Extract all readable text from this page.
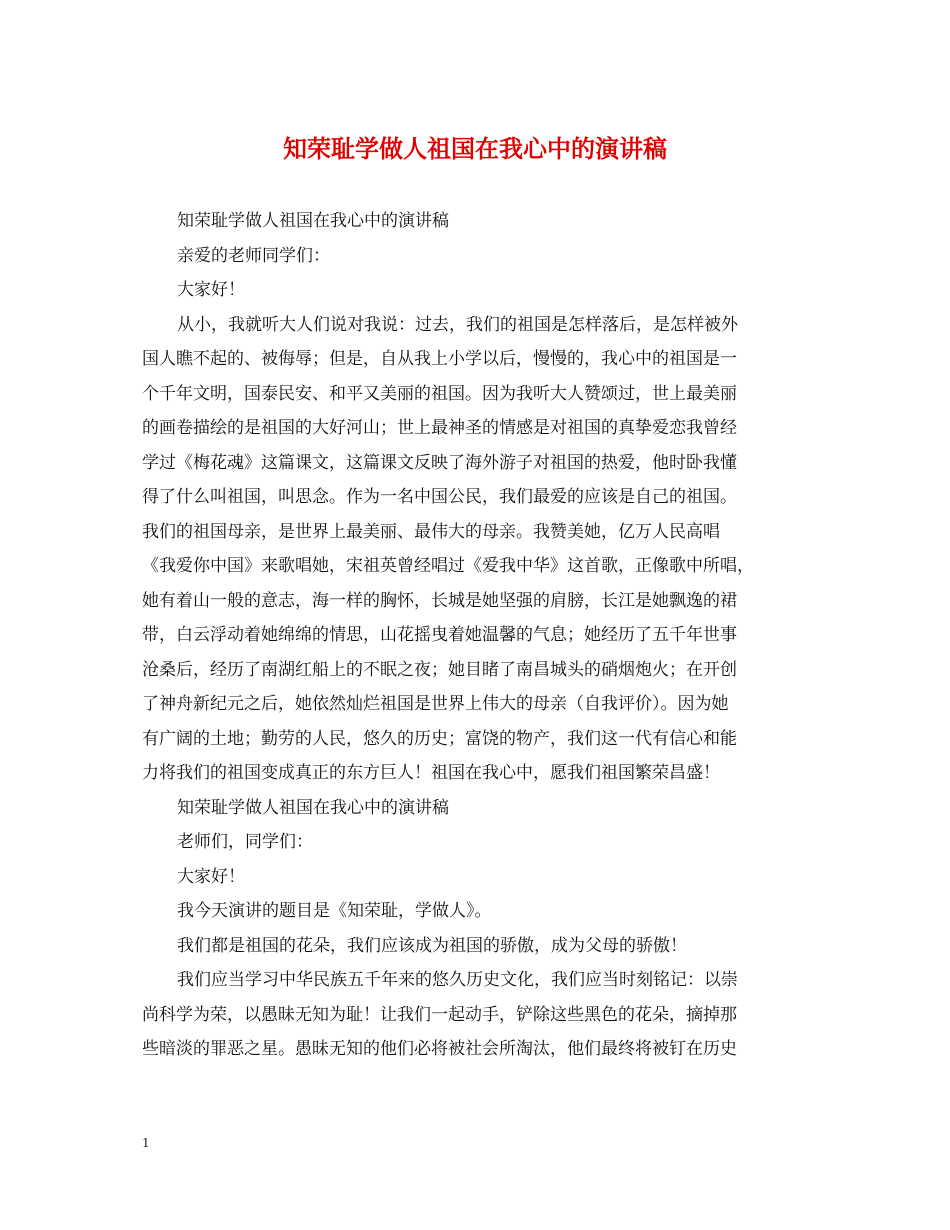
知荣耻学做人祖国在我心中的演讲稿
知荣耻学做人祖国在我心中的演讲稿
亲爱的老师同学们：
大家好！
从小，我就听大人们说对我说：过去，我们的祖国是怎样落后，是怎样被外
国人瞧不起的、被侮辱；但是，自从我上小学以后，慢慢的，我心中的祖国是一
个千年文明，国泰民安、和平又美丽的祖国。因为我听大人赞颂过，世上最美丽
的画卷描绘的是祖国的大好河山；世上最神圣的情感是对祖国的真挚爱恋我曾经
学过《梅花魂》这篇课文，这篇课文反映了海外游子对祖国的热爱，他时卧我懂
得了什么叫祖国，叫思念。作为一名中国公民，我们最爱的应该是自己的祖国。
我们的祖国母亲，是世界上最美丽、最伟大的母亲。我赞美她，亿万人民高唱
《我爱你中国》来歌唱她，宋祖英曾经唱过《爱我中华》这首歌，正像歌中所唱，
她有着山一般的意志，海一样的胸怀，长城是她坚强的肩膀，长江是她飘逸的裙
带，白云浮动着她绵绵的情思，山花摇曳着她温馨的气息；她经历了五千年世事
沧桑后，经历了南湖红船上的不眠之夜；她目睹了南昌城头的硝烟炮火；在开创
了神舟新纪元之后，她依然灿烂祖国是世界上伟大的母亲（自我评价）。因为她
有广阔的土地；勤劳的人民，悠久的历史；富饶的物产，我们这一代有信心和能
力将我们的祖国变成真正的东方巨人！祖国在我心中，愿我们祖国繁荣昌盛！
知荣耻学做人祖国在我心中的演讲稿
老师们，同学们：
大家好！
我今天演讲的题目是《知荣耻，学做人》。
我们都是祖国的花朵，我们应该成为祖国的骄傲，成为父母的骄傲！
我们应当学习中华民族五千年来的悠久历史文化，我们应当时刻铭记：以崇
尚科学为荣，以愚昧无知为耻！让我们一起动手，铲除这些黑色的花朵，摘掉那
些暗淡的罪恶之星。愚昧无知的他们必将被社会所淘汰，他们最终将被钉在历史
1
